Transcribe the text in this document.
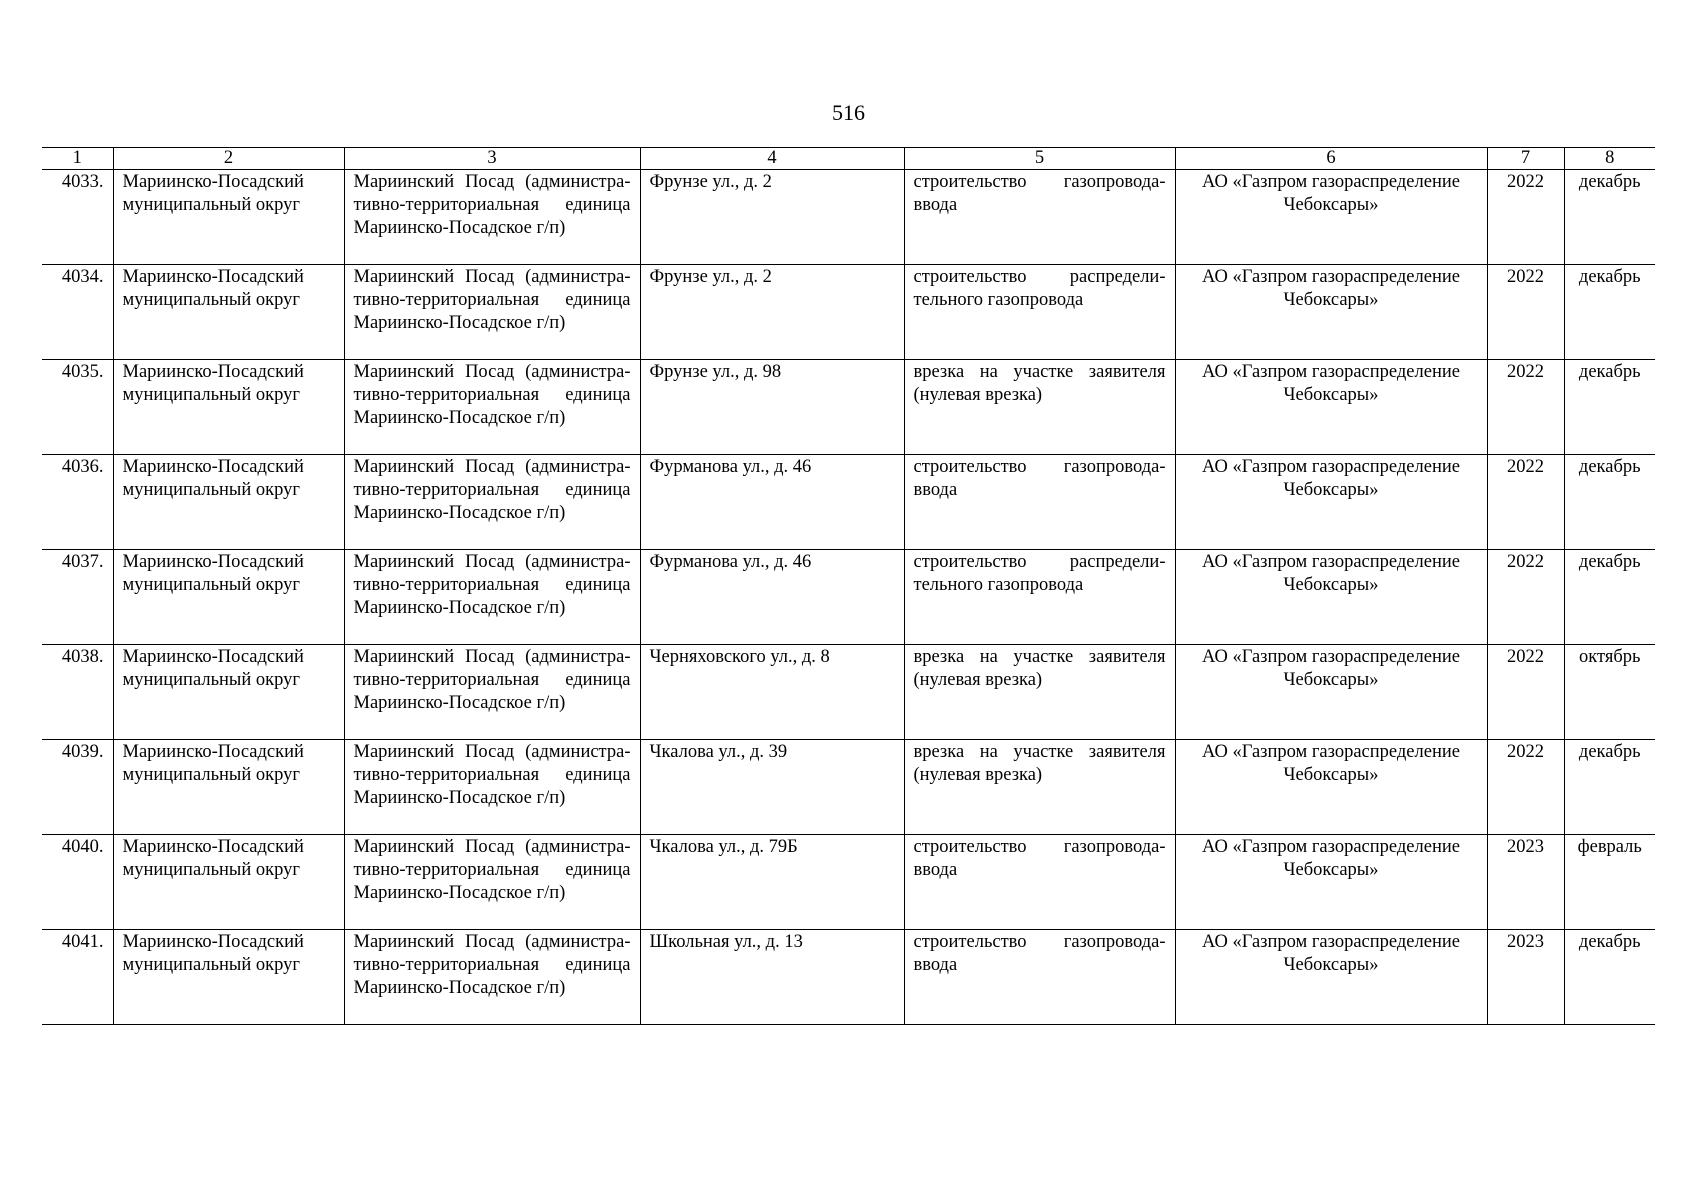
516
1	2	3	4	5	6	7	8
4033.	Мариинско-Посадский муниципальный округ	Мариинский Посад (административно-территориальная единица Мариинско-Посадское г/п)	Фрунзе ул., д. 2	строительство газопровода-ввода	АО «Газпром газораспределение Чебоксары»	2022	декабрь
4034.	Мариинско-Посадский муниципальный округ	Мариинский Посад (административно-территориальная единица Мариинско-Посадское г/п)	Фрунзе ул., д. 2	строительство распределительного газопровода	АО «Газпром газораспределение Чебоксары»	2022	декабрь
4035.	Мариинско-Посадский муниципальный округ	Мариинский Посад (административно-территориальная единица Мариинско-Посадское г/п)	Фрунзе ул., д. 98	врезка на участке заявителя (нулевая врезка)	АО «Газпром газораспределение Чебоксары»	2022	декабрь
4036.	Мариинско-Посадский муниципальный округ	Мариинский Посад (административно-территориальная единица Мариинско-Посадское г/п)	Фурманова ул., д. 46	строительство газопровода-ввода	АО «Газпром газораспределение Чебоксары»	2022	декабрь
4037.	Мариинско-Посадский муниципальный округ	Мариинский Посад (административно-территориальная единица Мариинско-Посадское г/п)	Фурманова ул., д. 46	строительство распределительного газопровода	АО «Газпром газораспределение Чебоксары»	2022	декабрь
4038.	Мариинско-Посадский муниципальный округ	Мариинский Посад (административно-территориальная единица Мариинско-Посадское г/п)	Черняховского ул., д. 8	врезка на участке заявителя (нулевая врезка)	АО «Газпром газораспределение Чебоксары»	2022	октябрь
4039.	Мариинско-Посадский муниципальный округ	Мариинский Посад (административно-территориальная единица Мариинско-Посадское г/п)	Чкалова ул., д. 39	врезка на участке заявителя (нулевая врезка)	АО «Газпром газораспределение Чебоксары»	2022	декабрь
4040.	Мариинско-Посадский муниципальный округ	Мариинский Посад (административно-территориальная единица Мариинско-Посадское г/п)	Чкалова ул., д. 79Б	строительство газопровода-ввода	АО «Газпром газораспределение Чебоксары»	2023	февраль
4041.	Мариинско-Посадский муниципальный округ	Мариинский Посад (административно-территориальная единица Мариинско-Посадское г/п)	Школьная ул., д. 13	строительство газопровода-ввода	АО «Газпром газораспределение Чебоксары»	2023	декабрь
